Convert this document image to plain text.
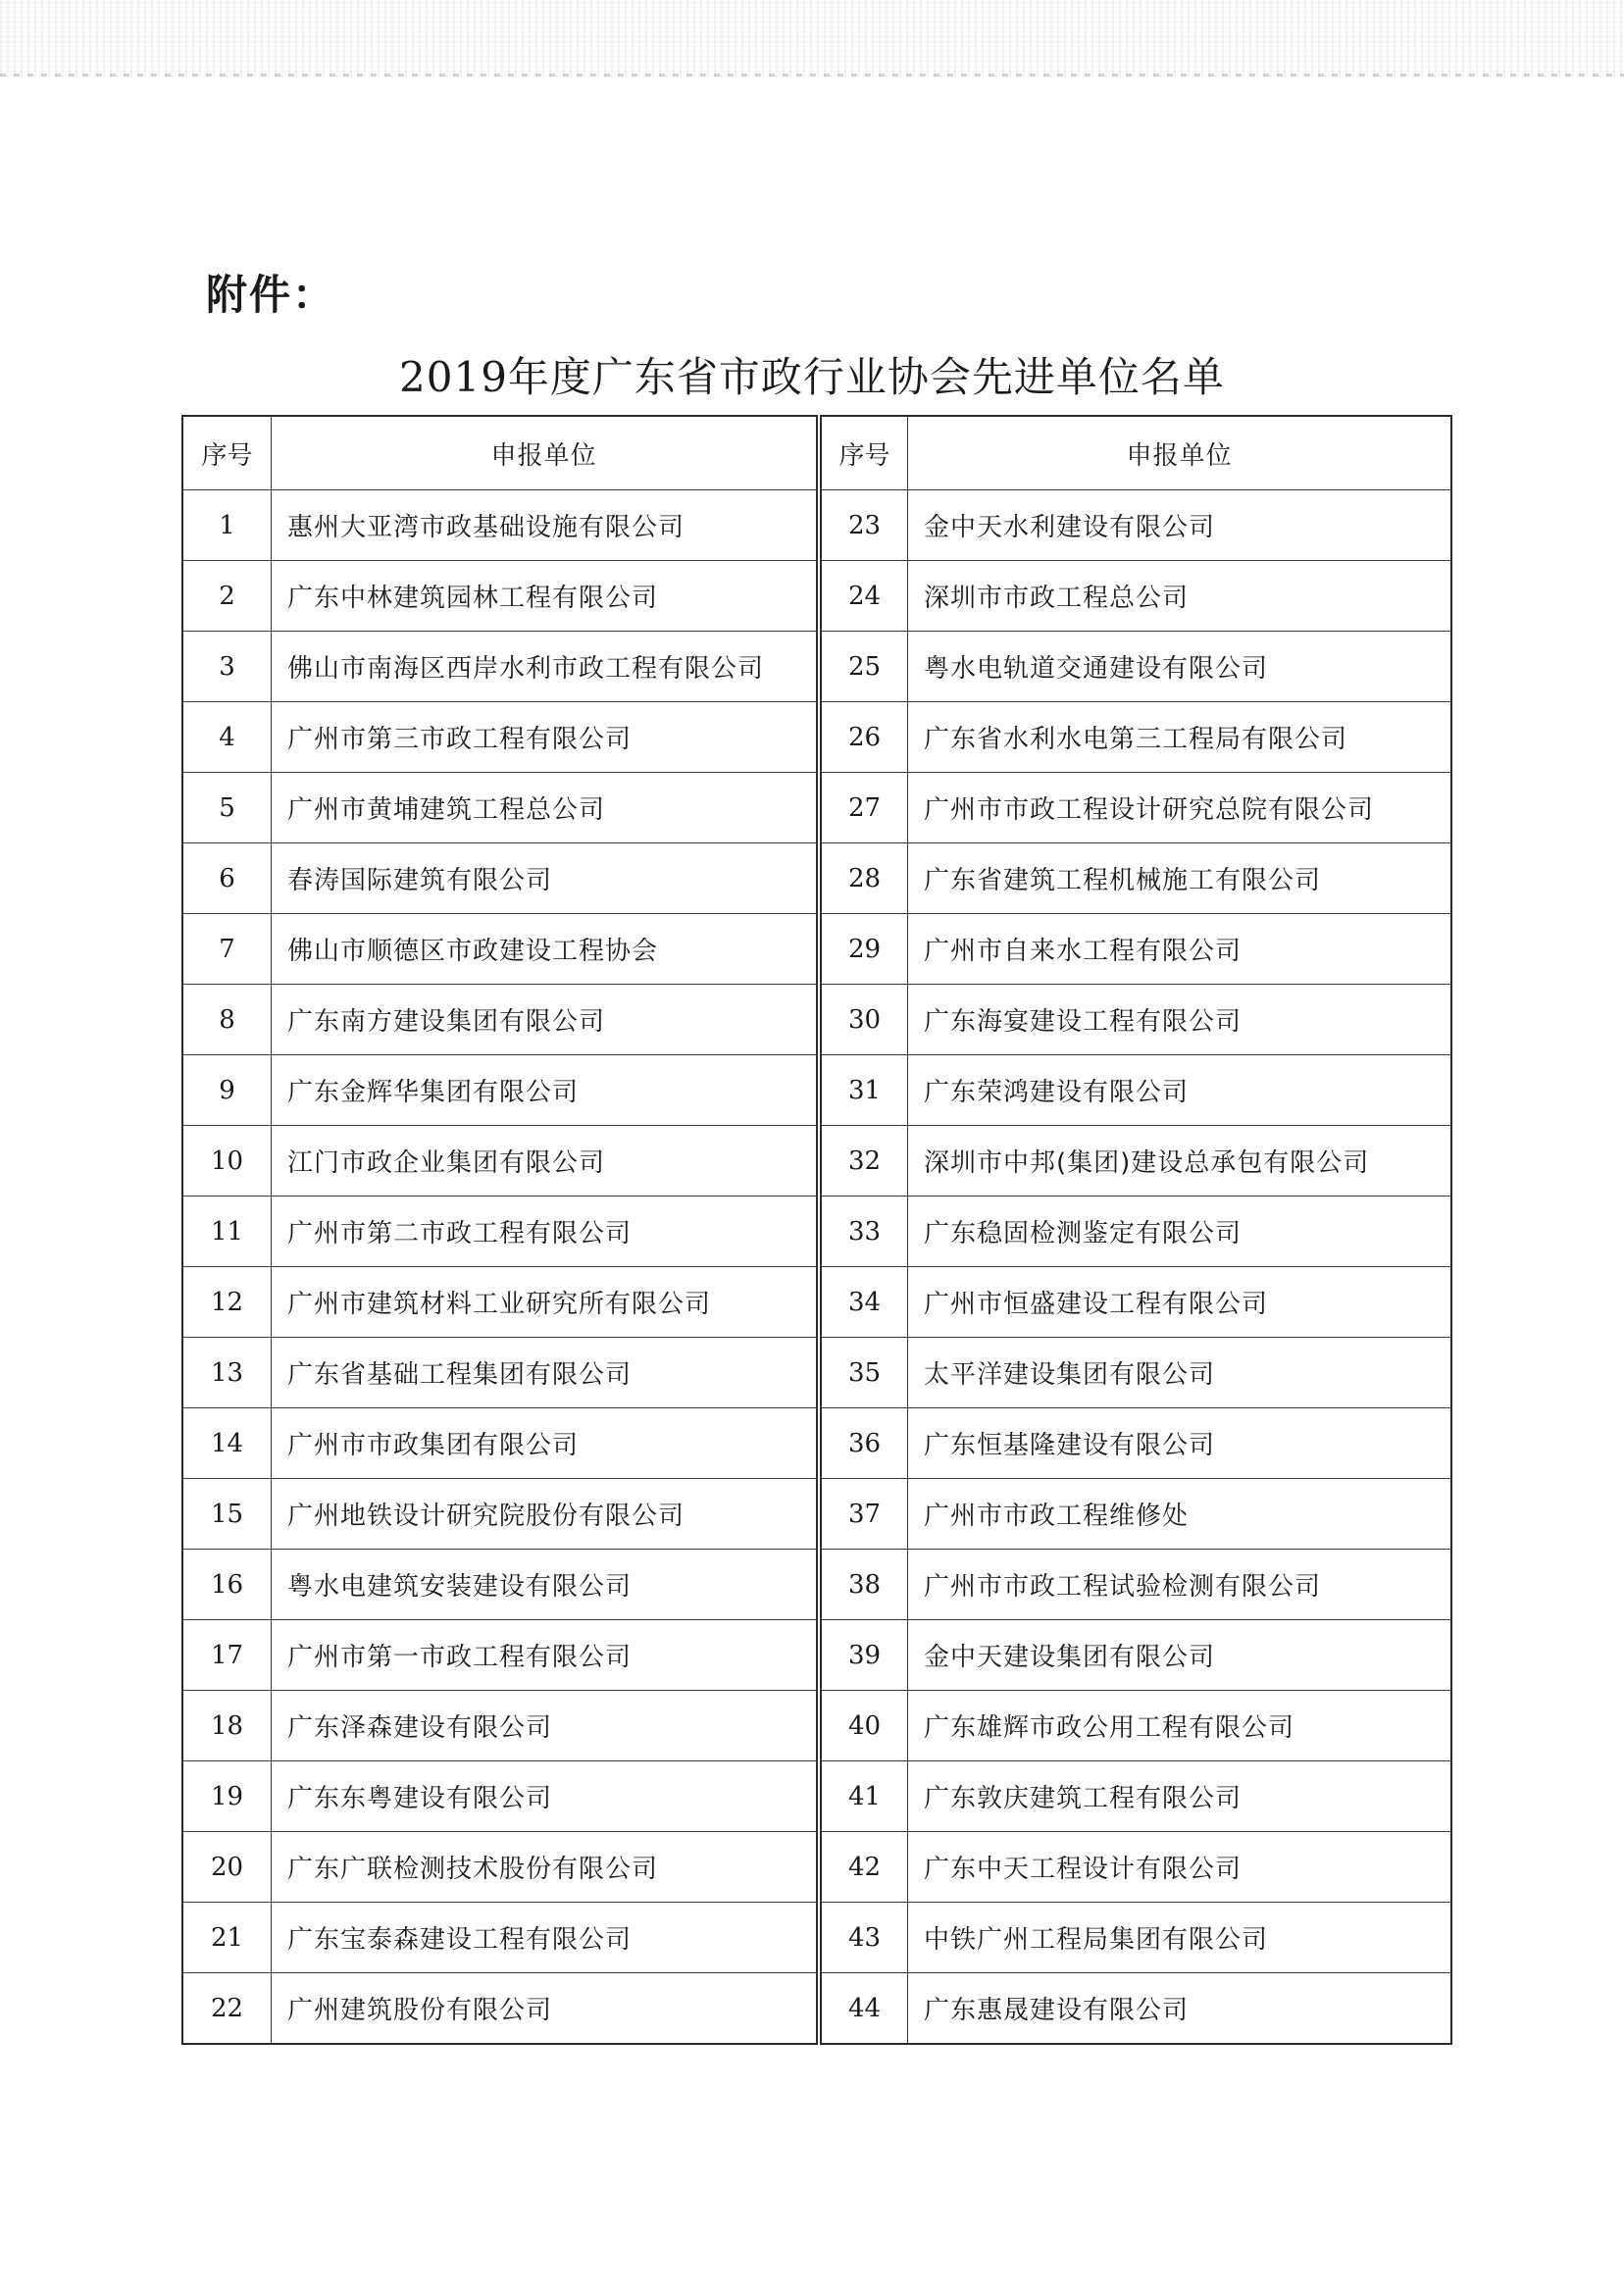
附件：
2019年度广东省市政行业协会先进单位名单
序号	申报单位
1	惠州大亚湾市政基础设施有限公司
2	广东中林建筑园林工程有限公司
3	佛山市南海区西岸水利市政工程有限公司
4	广州市第三市政工程有限公司
5	广州市黄埔建筑工程总公司
6	春涛国际建筑有限公司
7	佛山市顺德区市政建设工程协会
8	广东南方建设集团有限公司
9	广东金辉华集团有限公司
10	江门市政企业集团有限公司
11	广州市第二市政工程有限公司
12	广州市建筑材料工业研究所有限公司
13	广东省基础工程集团有限公司
14	广州市市政集团有限公司
15	广州地铁设计研究院股份有限公司
16	粤水电建筑安装建设有限公司
17	广州市第一市政工程有限公司
18	广东泽森建设有限公司
19	广东东粤建设有限公司
20	广东广联检测技术股份有限公司
21	广东宝泰森建设工程有限公司
22	广州建筑股份有限公司
序号	申报单位
23	金中天水利建设有限公司
24	深圳市市政工程总公司
25	粤水电轨道交通建设有限公司
26	广东省水利水电第三工程局有限公司
27	广州市市政工程设计研究总院有限公司
28	广东省建筑工程机械施工有限公司
29	广州市自来水工程有限公司
30	广东海宴建设工程有限公司
31	广东荣鸿建设有限公司
32	深圳市中邦(集团)建设总承包有限公司
33	广东稳固检测鉴定有限公司
34	广州市恒盛建设工程有限公司
35	太平洋建设集团有限公司
36	广东恒基隆建设有限公司
37	广州市市政工程维修处
38	广州市市政工程试验检测有限公司
39	金中天建设集团有限公司
40	广东雄辉市政公用工程有限公司
41	广东敦庆建筑工程有限公司
42	广东中天工程设计有限公司
43	中铁广州工程局集团有限公司
44	广东惠晟建设有限公司
